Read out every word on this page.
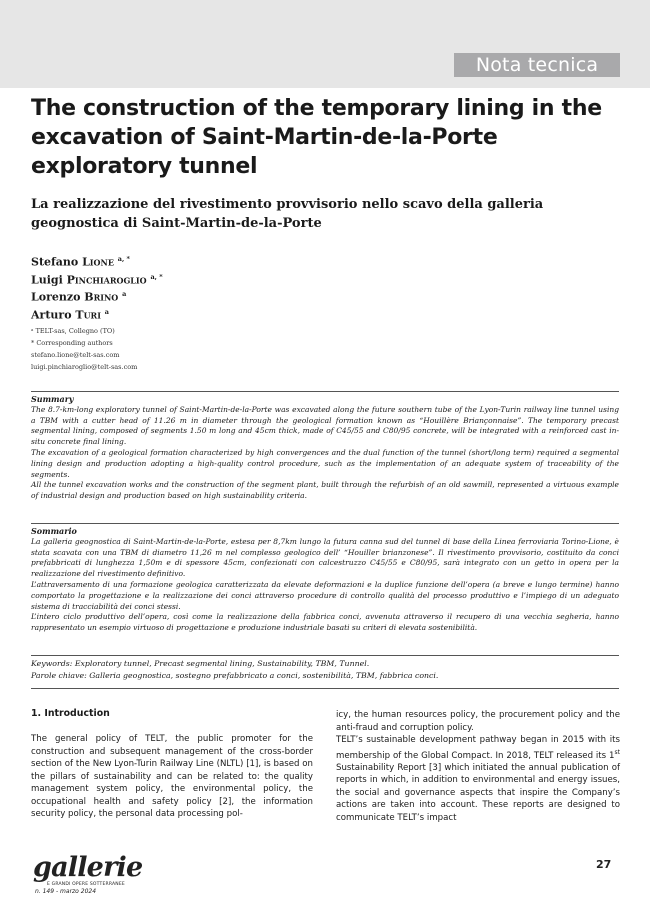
Nota tecnica
The construction of the temporary lining in the excavation of Saint-Martin-de-la-Porte exploratory tunnel
La realizzazione del rivestimento provvisorio nello scavo della galleria geognostica di Saint-Martin-de-la-Porte
Stefano Lione $^{a, *}$
Luigi Pinchiaroglio $^{a, *}$
Lorenzo Brino $^a$
Arturo Turi $^a$
ᵃ TELT-sas, Collegno (TO)
* Corresponding authors
stefano.lione@telt-sas.com
luigi.pinchiaroglio@telt-sas.com
Summary

The 8.7-km-long exploratory tunnel of Saint-Martin-de-la-Porte was excavated along the future southern tube of the Lyon-Turin railway line tunnel using a TBM with a cutter head of 11.26 m in diameter through the geological formation known as “Houillère Briançonnaise”. The temporary precast segmental lining, composed of segments 1.50 m long and 45cm thick, made of C45/55 and C80/95 concrete, will be integrated with a reinforced cast in-situ concrete final lining.

The excavation of a geological formation characterized by high convergences and the dual function of the tunnel (short/long term) required a segmental lining design and production adopting a high-quality control procedure, such as the implementation of an adequate system of traceability of the segments.

All the tunnel excavation works and the construction of the segment plant, built through the refurbish of an old sawmill, represented a virtuous example of industrial design and production based on high sustainability criteria.

Sommario

La galleria geognostica di Saint-Martin-de-la-Porte, estesa per 8,7km lungo la futura canna sud del tunnel di base della Linea ferroviaria Torino-Lione, è stata scavata con una TBM di diametro 11,26 m nel complesso geologico dell’ “Houiller brianzonese”. Il rivestimento provvisorio, costituito da conci prefabbricati di lunghezza 1,50m e di spessore 45cm, confezionati con calcestruzzo C45/55 e C80/95, sarà integrato con un getto in opera per la realizzazione del rivestimento definitivo.

L’attraversamento di una formazione geologica caratterizzata da elevate deformazioni e la duplice funzione dell’opera (a breve e lungo termine) hanno comportato la progettazione e la realizzazione dei conci attraverso procedure di controllo qualità del processo produttivo e l’impiego di un adeguato sistema di tracciabilità dei conci stessi.

L’intero ciclo produttivo dell’opera, così come la realizzazione della fabbrica conci, avvenuta attraverso il recupero di una vecchia segheria, hanno rappresentato un esempio virtuoso di progettazione e produzione industriale basati su criteri di elevata sostenibilità.

Keywords: Exploratory tunnel, Precast segmental lining, Sustainability, TBM, Tunnel.
Parole chiave: Galleria geognostica, sostegno prefabbricato a conci, sostenibilità, TBM, fabbrica conci.
1. Introduction

The general policy of TELT, the public promoter for the construction and subsequent management of the cross-border section of the New Lyon-Turin Railway Line (NLTL) [1], is based on the pillars of sustainability and can be related to: the quality management system policy, the environmental policy, the occupational health and safety policy [2], the information security policy, the personal data processing pol-

icy, the human resources policy, the procurement policy and the anti-fraud and corruption policy.

TELT’s sustainable development pathway began in 2015 with its membership of the Global Compact. In 2018, TELT released its 1st Sustainability Report [3] which initiated the annual publication of reports in which, in addition to environmental and energy issues, the social and governance aspects that inspire the Company’s actions are taken into account. These reports are designed to communicate TELT’s impact

gallerie
E GRANDI OPERE SOTTERRANEE
n. 149 - marzo 2024
27
